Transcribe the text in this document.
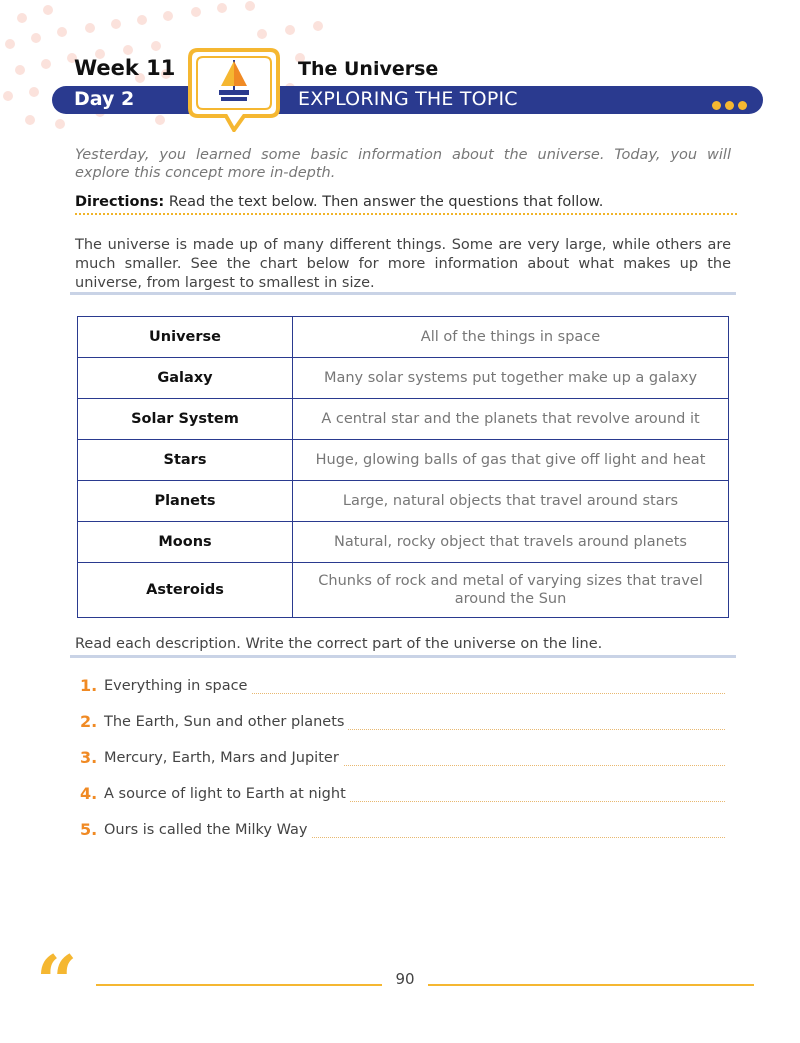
Week 11	The Universe
Day 2	EXPLORING THE TOPIC
Yesterday, you learned some basic information about the universe. Today, you will explore this concept more in-depth.
Directions: Read the text below. Then answer the questions that follow.
The universe is made up of many different things. Some are very large, while others are much smaller. See the chart below for more information about what makes up the universe, from largest to smallest in size.
Universe	All of the things in space
Galaxy	Many solar systems put together make up a galaxy
Solar System	A central star and the planets that revolve around it
Stars	Huge, glowing balls of gas that give off light and heat
Planets	Large, natural objects that travel around stars
Moons	Natural, rocky object that travels around planets
Asteroids	Chunks of rock and metal of varying sizes that travel around the Sun
Read each description. Write the correct part of the universe on the line.
1. Everything in space
2. The Earth, Sun and other planets
3. Mercury, Earth, Mars and Jupiter
4. A source of light to Earth at night
5. Ours is called the Milky Way
“	90
